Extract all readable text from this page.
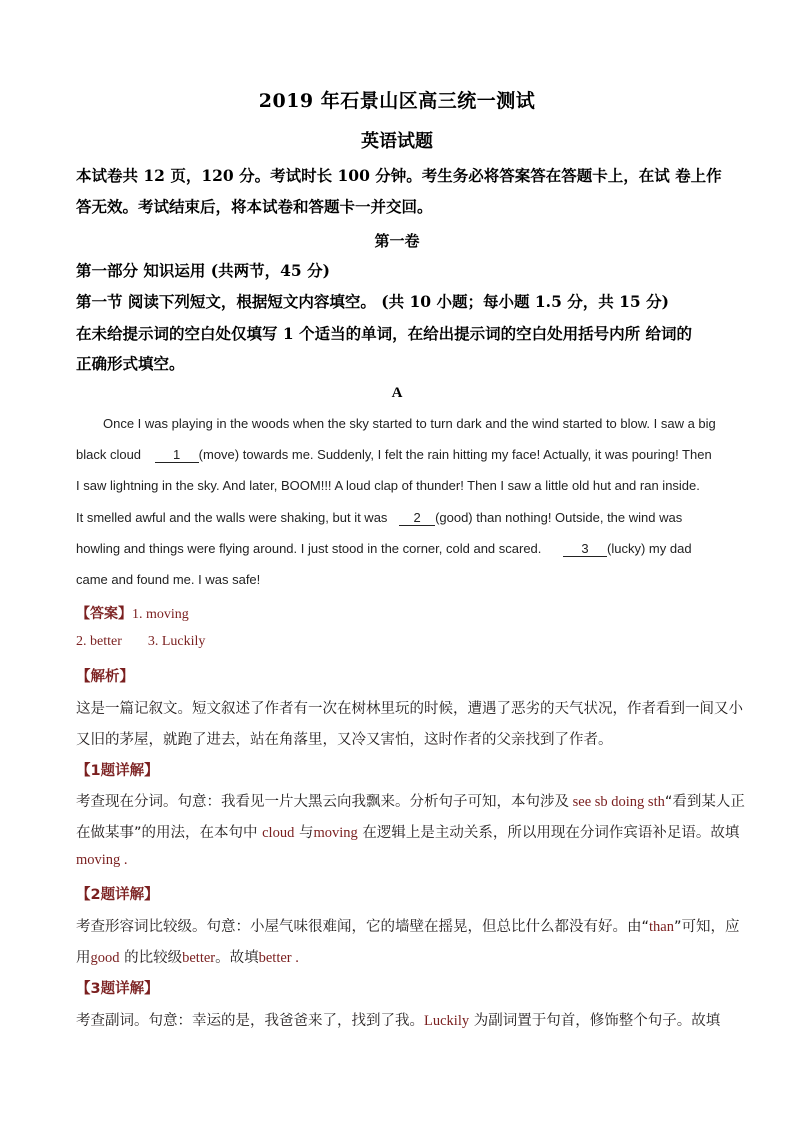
2019 年石景山区高三统一测试
英语试题
本试卷共 12 页，120 分。考试时长 100 分钟。考生务必将答案答在答题卡上，在试 卷上作
答无效。考试结束后，将本试卷和答题卡一并交回。
第一卷
第一部分 知识运用 (共两节，45 分)
第一节 阅读下列短文，根据短文内容填空。 (共 10 小题；每小题 1.5 分，共 15 分)
在未给提示词的空白处仅填写 1 个适当的单词，在给出提示词的空白处用括号内所 给词的
正确形式填空。
A
Once I was playing in the woods when the sky started to turn dark and the wind started to blow. I saw a big
black cloud 1 (move) towards me. Suddenly, I felt the rain hitting my face! Actually, it was pouring! Then
I saw lightning in the sky. And later, BOOM!!! A loud clap of thunder! Then I saw a little old hut and ran inside.
It smelled awful and the walls were shaking, but it was 2 (good) than nothing! Outside, the wind was
howling and things were flying around. I just stood in the corner, cold and scared.	3 (lucky) my dad
came and found me. I was safe!
【答案】1. moving
2. better 3. Luckily
【解析】
这是一篇记叙文。短文叙述了作者有一次在树林里玩的时候，遭遇了恶劣的天气状况，作者看到一间又小
又旧的茅屋，就跑了进去，站在角落里，又冷又害怕，这时作者的父亲找到了作者。
【1题详解】
考查现在分词。句意：我看见一片大黑云向我飘来。分析句子可知，本句涉及 see sb doing sth“看到某人正
在做某事”的用法，在本句中 cloud 与moving 在逻辑上是主动关系，所以用现在分词作宾语补足语。故填
moving .
【2题详解】
考查形容词比较级。句意：小屋气味很难闻，它的墙壁在摇晃，但总比什么都没有好。由“than”可知，应
用good 的比较级better。故填better .
【3题详解】
考查副词。句意：幸运的是，我爸爸来了，找到了我。Luckily 为副词置于句首，修饰整个句子。故填
